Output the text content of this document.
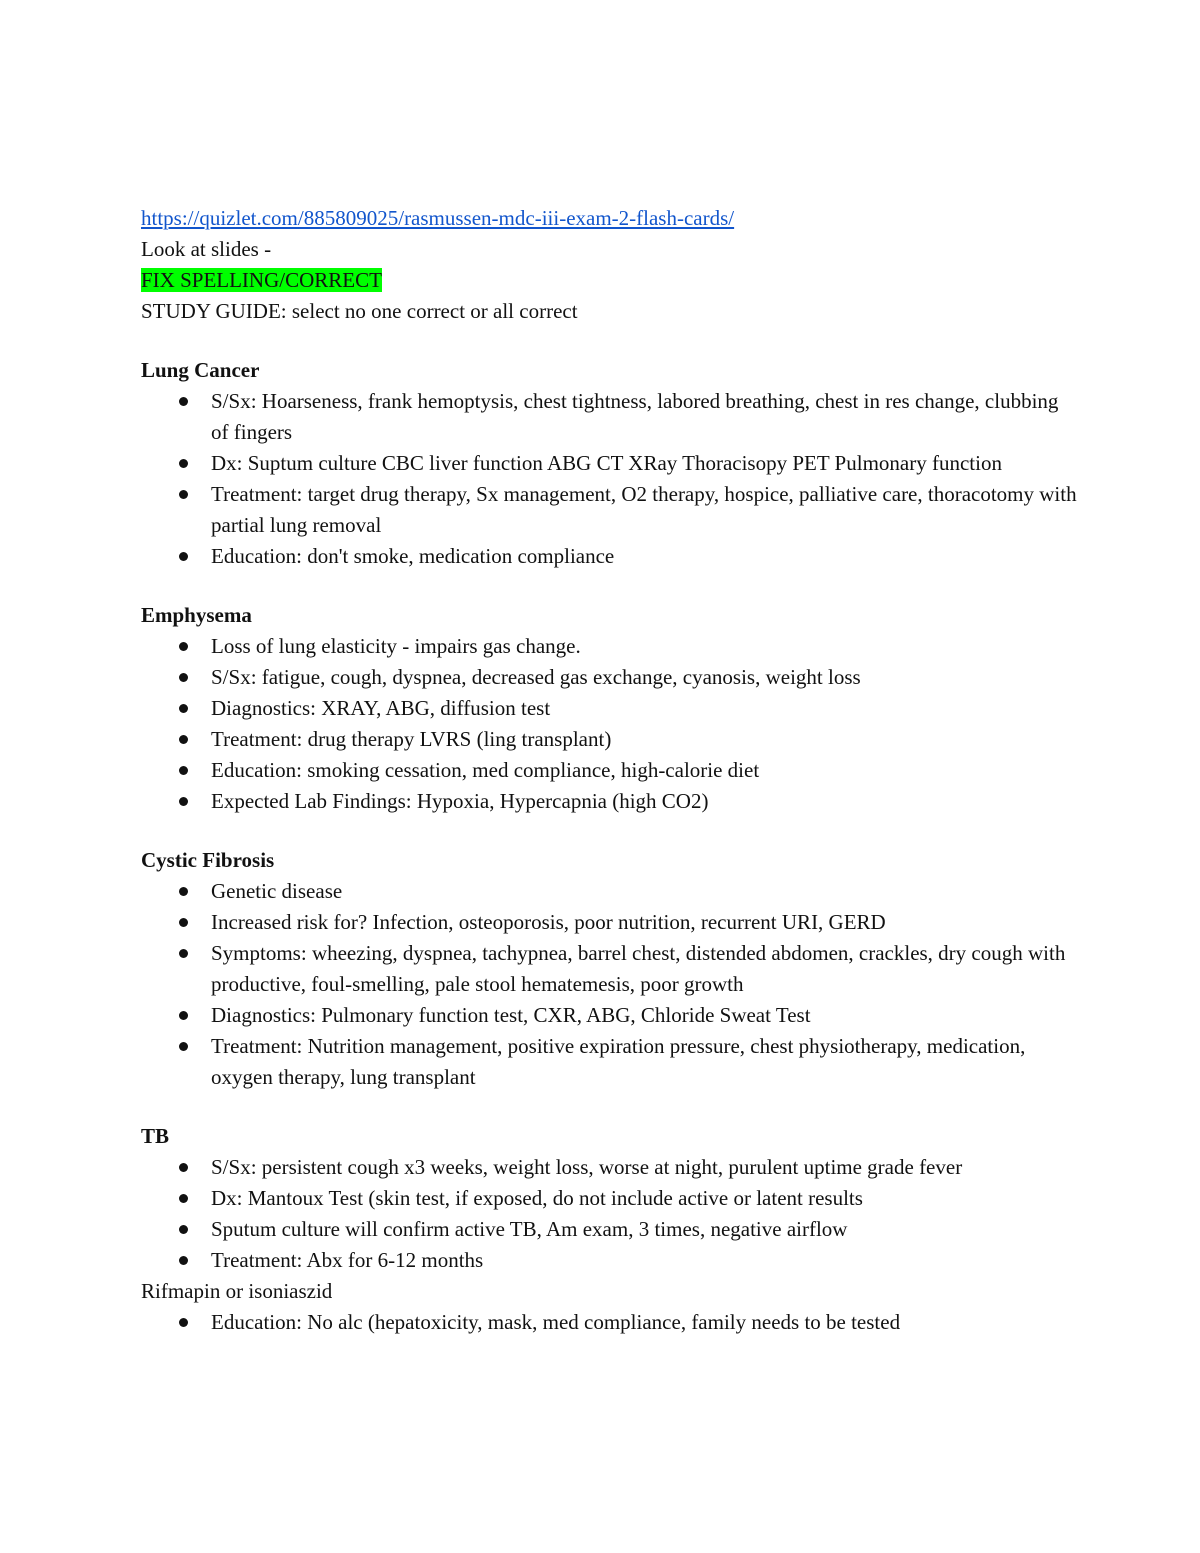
https://quizlet.com/885809025/rasmussen-mdc-iii-exam-2-flash-cards/
Look at slides -
FIX SPELLING/CORRECT
STUDY GUIDE: select no one correct or all correct
Lung Cancer
S/Sx: Hoarseness, frank hemoptysis, chest tightness, labored breathing, chest in res change, clubbing of fingers
Dx: Suptum culture CBC liver function ABG CT XRay Thoracisopy PET Pulmonary function
Treatment: target drug therapy, Sx management, O2 therapy, hospice, palliative care, thoracotomy with partial lung removal
Education: don't smoke, medication compliance
Emphysema
Loss of lung elasticity - impairs gas change.
S/Sx: fatigue, cough, dyspnea, decreased gas exchange, cyanosis, weight loss
Diagnostics: XRAY, ABG, diffusion test
Treatment: drug therapy LVRS (ling transplant)
Education: smoking cessation, med compliance, high-calorie diet
Expected Lab Findings: Hypoxia, Hypercapnia (high CO2)
Cystic Fibrosis
Genetic disease
Increased risk for? Infection, osteoporosis, poor nutrition, recurrent URI, GERD
Symptoms: wheezing, dyspnea, tachypnea, barrel chest, distended abdomen, crackles, dry cough with productive, foul-smelling, pale stool hematemesis, poor growth
Diagnostics: Pulmonary function test, CXR, ABG, Chloride Sweat Test
Treatment: Nutrition management, positive expiration pressure, chest physiotherapy, medication, oxygen therapy, lung transplant
TB
S/Sx: persistent cough x3 weeks, weight loss, worse at night, purulent uptime grade fever
Dx: Mantoux Test (skin test, if exposed, do not include active or latent results
Sputum culture will confirm active TB, Am exam, 3 times, negative airflow
Treatment: Abx for 6-12 months
Rifmapin or isoniaszid
Education: No alc (hepatoxicity, mask, med compliance, family needs to be tested
